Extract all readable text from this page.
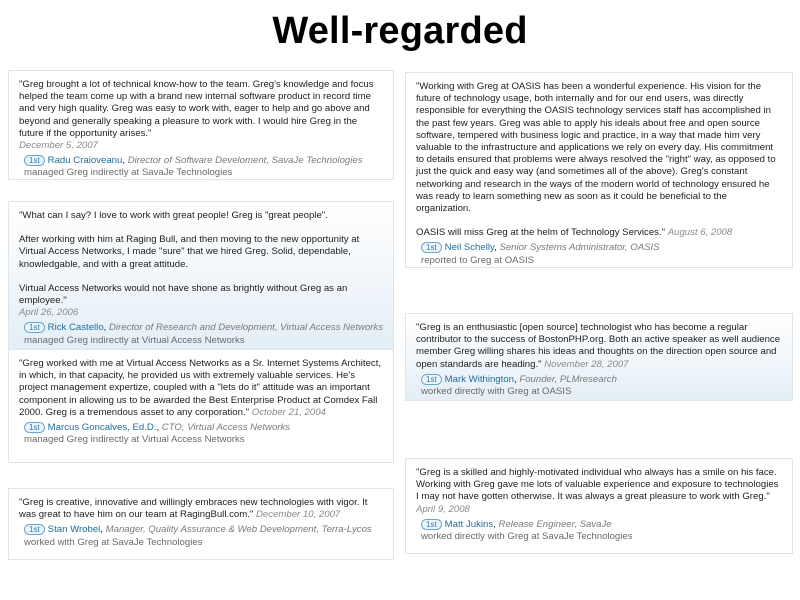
Well-regarded

"Greg brought a lot of technical know-how to the team. Greg's knowledge and focus helped the team come up with a brand new internal software product in record time and very high quality. Greg was easy to work with, eager to help and go above and beyond and generally speaking a pleasure to work with. I would hire Greg in the future if the opportunity arises."

December 5, 2007
1st Radu Craioveanu, Director of Software Develoment, SavaJe Technologies
managed Greg indirectly at SavaJe Technologies

"What can I say? I love to work with great people! Greg is "great people".

After working with him at Raging Bull, and then moving to the new opportunity at Virtual Access Networks, I made "sure" that we hired Greg. Solid, dependable, knowledgable, and with a great attitude.

Virtual Access Networks would not have shone as brightly without Greg as an employee."

April 26, 2006
1st Rick Castello, Director of Research and Development, Virtual Access Networks
managed Greg indirectly at Virtual Access Networks

"Greg worked with me at Virtual Access Networks as a Sr. Internet Systems Architect, in which, in that capacity, he provided us with extremely valuable services. He's project management expertize, coupled with a "lets do it" attitude was an important component in allowing us to be awarded the Best Enterprise Product at Comdex Fall 2000. Greg is a tremendous asset to any corporation." October 21, 2004

1st Marcus Goncalves, Ed.D., CTO, Virtual Access Networks
managed Greg indirectly at Virtual Access Networks

"Greg is creative, innovative and willingly embraces new technologies with vigor. It was great to have him on our team at RagingBull.com." December 10, 2007

1st Stan Wrobel, Manager, Quality Assurance & Web Development, Terra-Lycos
worked with Greg at SavaJe Technologies

"Working with Greg at OASIS has been a wonderful experience. His vision for the future of technology usage, both internally and for our end users, was directly responsible for everything the OASIS technology services staff has accomplished in the past few years. Greg was able to apply his ideals about free and open source software, tempered with business logic and practice, in a way that made him very valuable to the infrastructure and applications we rely on every day. His commitment to details ensured that problems were always resolved the "right" way, as opposed to just the quick and easy way (and sometimes all of the above). Greg's constant networking and research in the ways of the modern world of technology ensured he was ready to learn something new as soon as it could be beneficial to the organization.

OASIS will miss Greg at the helm of Technology Services." August 6, 2008

1st Neil Schelly, Senior Systems Administrator, OASIS
reported to Greg at OASIS

"Greg is an enthusiastic [open source] technologist who has become a regular contributor to the success of BostonPHP.org. Both an active speaker as well audience member Greg willing shares his ideas and thoughts on the direction open source and open standards are heading." November 28, 2007

1st Mark Withington, Founder, PLMresearch
worked directly with Greg at OASIS

"Greg is a skilled and highly-motivated individual who always has a smile on his face. Working with Greg gave me lots of valuable experience and exposure to technologies I may not have gotten otherwise. It was always a great pleasure to work with Greg." April 9, 2008

1st Matt Jukins, Release Engineer, SavaJe
worked directly with Greg at SavaJe Technologies
